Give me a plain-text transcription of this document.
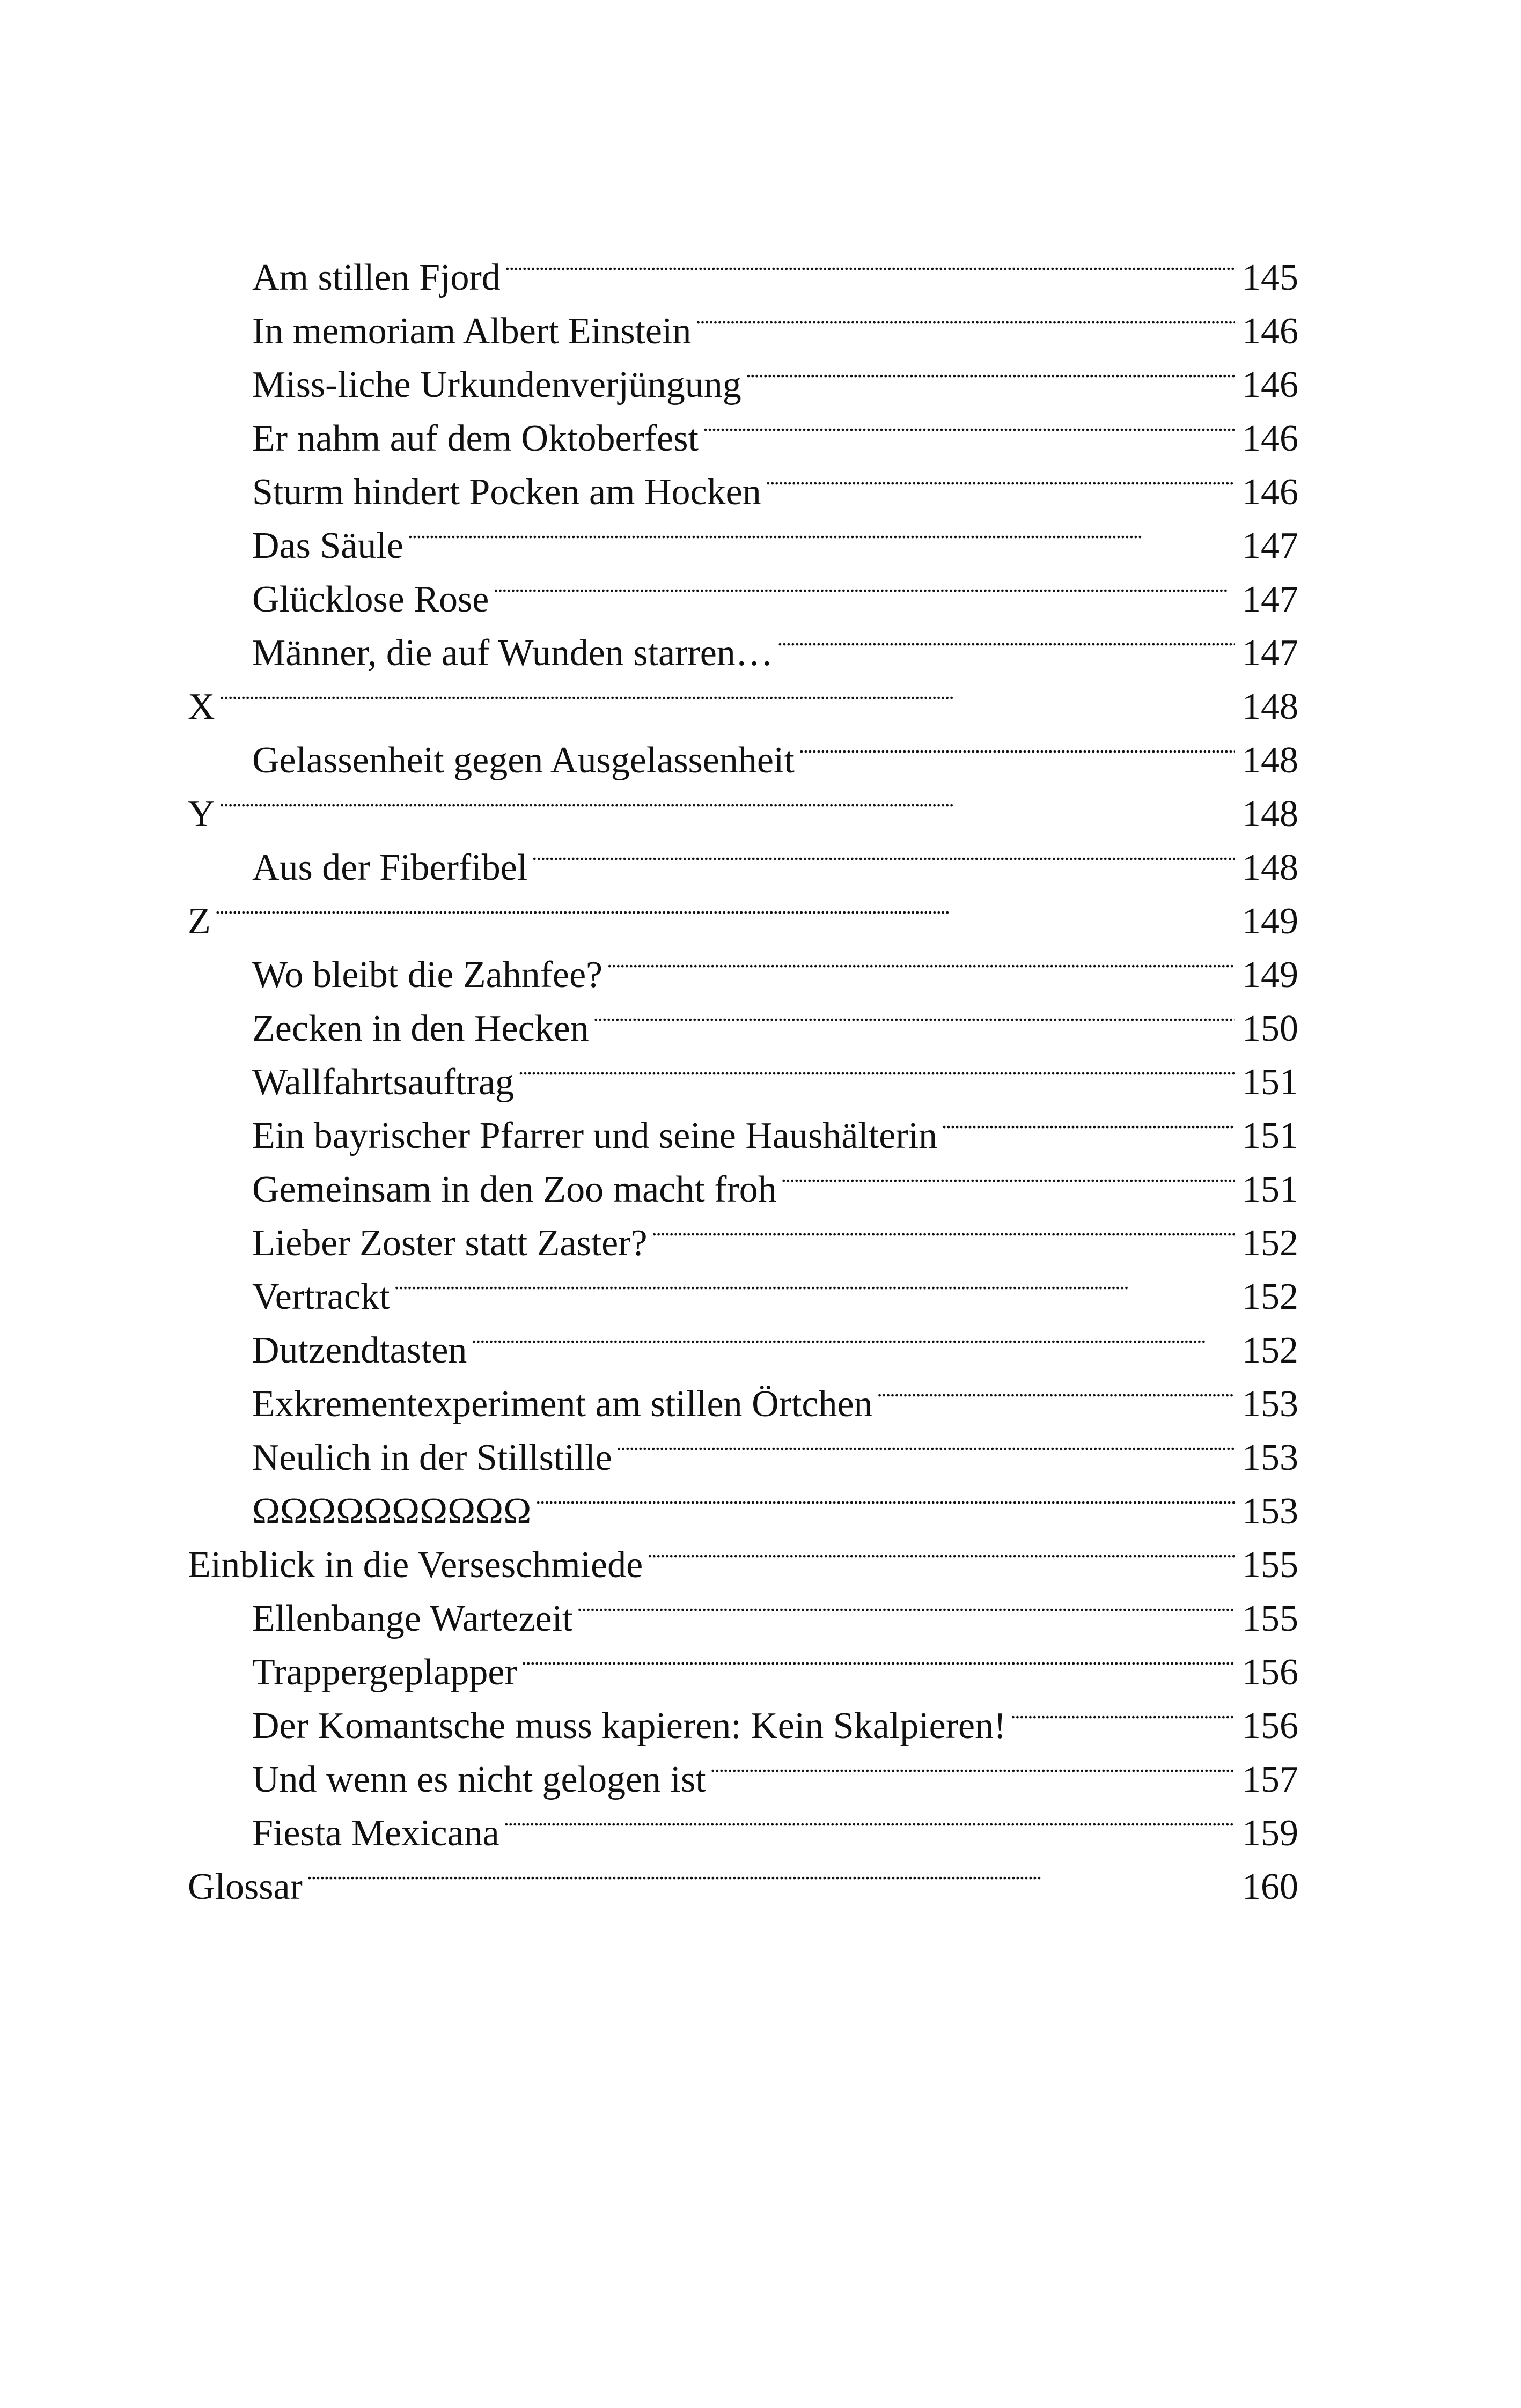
Am stillen Fjord . . .	145
In memoriam Albert Einstein . . .	146
Miss-liche Urkundenverjüngung . . .	146
Er nahm auf dem Oktoberfest . . .	146
Sturm hindert Pocken am Hocken . . .	146
Das Säule . . .	147
Glücklose Rose . . .	147
Männer, die auf Wunden starren… . . .	147
X . . .	148
Gelassenheit gegen Ausgelassenheit . . .	148
Y . . .	148
Aus der Fiberfibel . . .	148
Z . . .	149
Wo bleibt die Zahnfee? . . .	149
Zecken in den Hecken . . .	150
Wallfahrtsauftrag . . .	151
Ein bayrischer Pfarrer und seine Haushälterin . . .	151
Gemeinsam in den Zoo macht froh . . .	151
Lieber Zoster statt Zaster? . . .	152
Vertrackt . . .	152
Dutzendtasten . . .	152
Exkrementexperiment am stillen Örtchen . . .	153
Neulich in der Stillstille . . .	153
ΩΩΩΩΩΩΩΩΩΩ . . .	153
Einblick in die Verseschmiede . . .	155
Ellenbange Wartezeit . . .	155
Trappergeplapper . . .	156
Der Komantsche muss kapieren: Kein Skalpieren! . . .	156
Und wenn es nicht gelogen ist . . .	157
Fiesta Mexicana . . .	159
Glossar . . .	160
